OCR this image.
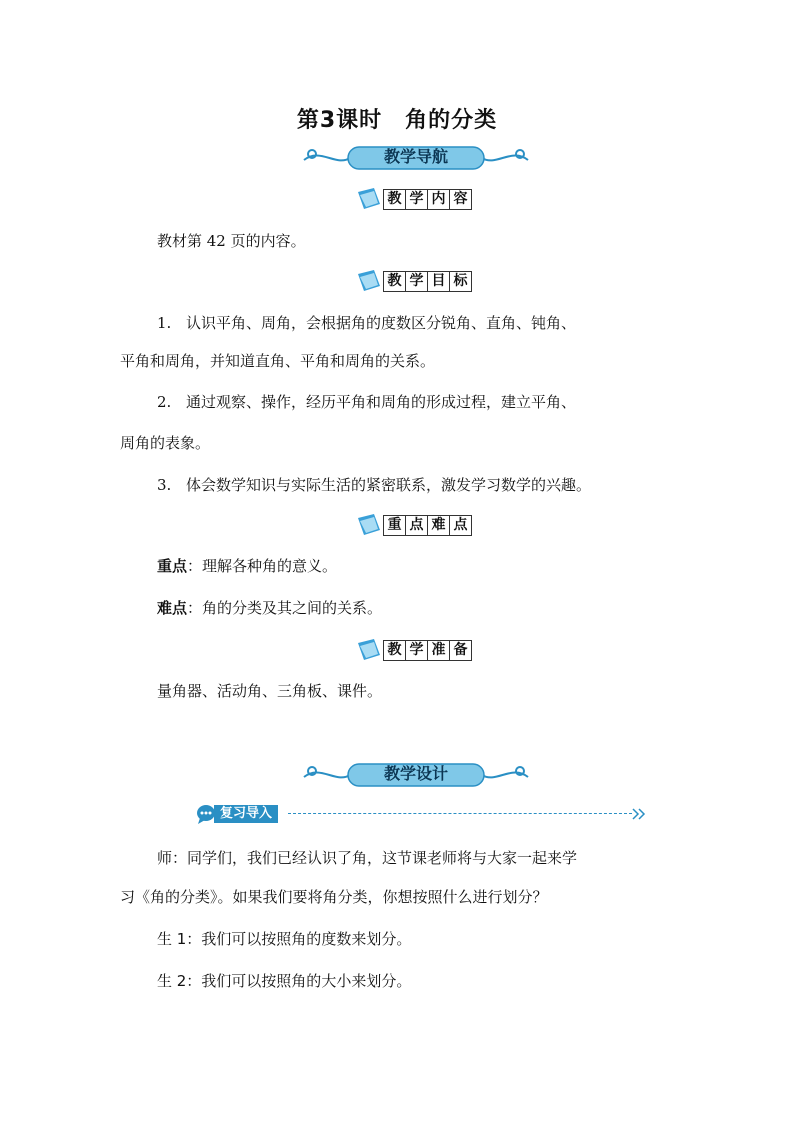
第3课时　角的分类
教学导航
教 学 内 容
教材第 42 页的内容。
教 学 目 标
1. 认识平角、周角，会根据角的度数区分锐角、直角、钝角、
平角和周角，并知道直角、平角和周角的关系。
2. 通过观察、操作，经历平角和周角的形成过程，建立平角、
周角的表象。
3. 体会数学知识与实际生活的紧密联系，激发学习数学的兴趣。
重 点 难 点
重点：理解各种角的意义。
难点：角的分类及其之间的关系。
教 学 准 备
量角器、活动角、三角板、课件。
教学设计
复习导入
师：同学们，我们已经认识了角，这节课老师将与大家一起来学
习《角的分类》。如果我们要将角分类，你想按照什么进行划分？
生 1：我们可以按照角的度数来划分。
生 2：我们可以按照角的大小来划分。
